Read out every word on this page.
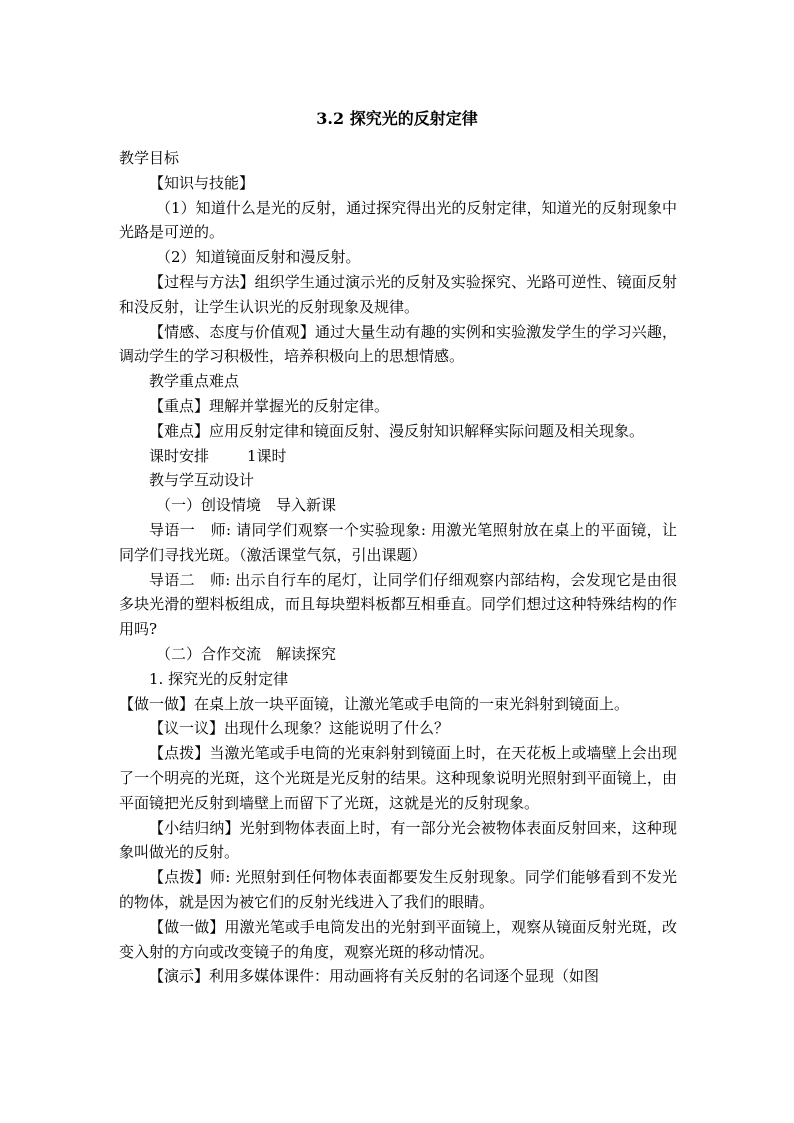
3.2 探究光的反射定律

教学目标

【知识与技能】

（1）知道什么是光的反射，通过探究得出光的反射定律，知道光的反射现象中光路是可逆的。

（2）知道镜面反射和漫反射。

【过程与方法】组织学生通过演示光的反射及实验探究、光路可逆性、镜面反射和没反射，让学生认识光的反射现象及规律。

【情感、态度与价值观】通过大量生动有趣的实例和实验激发学生的学习兴趣，调动学生的学习积极性，培养积极向上的思想情感。

教学重点难点

【重点】理解并掌握光的反射定律。

【难点】应用反射定律和镜面反射、漫反射知识解释实际问题及相关现象。

课时安排	1课时

教与学互动设计

（一）创设情境　导入新课

导语一　师: 请同学们观察一个实验现象: 用激光笔照射放在桌上的平面镜，让同学们寻找光斑。（激活课堂气氛，引出课题）

导语二　师: 出示自行车的尾灯，让同学们仔细观察内部结构，会发现它是由很多块光滑的塑料板组成，而且每块塑料板都互相垂直。同学们想过这种特殊结构的作用吗?

（二）合作交流　解读探究

1. 探究光的反射定律

【做一做】在桌上放一块平面镜，让激光笔或手电筒的一束光斜射到镜面上。

【议一议】出现什么现象？这能说明了什么？

【点拨】当激光笔或手电筒的光束斜射到镜面上时，在天花板上或墙壁上会出现了一个明亮的光斑，这个光斑是光反射的结果。这种现象说明光照射到平面镜上，由平面镜把光反射到墙壁上而留下了光斑，这就是光的反射现象。

【小结归纳】光射到物体表面上时，有一部分光会被物体表面反射回来，这种现象叫做光的反射。

【点拨】师: 光照射到任何物体表面都要发生反射现象。同学们能够看到不发光的物体，就是因为被它们的反射光线进入了我们的眼睛。

【做一做】用激光笔或手电筒发出的光射到平面镜上，观察从镜面反射光斑，改变入射的方向或改变镜子的角度，观察光斑的移动情况。

【演示】利用多媒体课件：用动画将有关反射的名词逐个显现（如图
